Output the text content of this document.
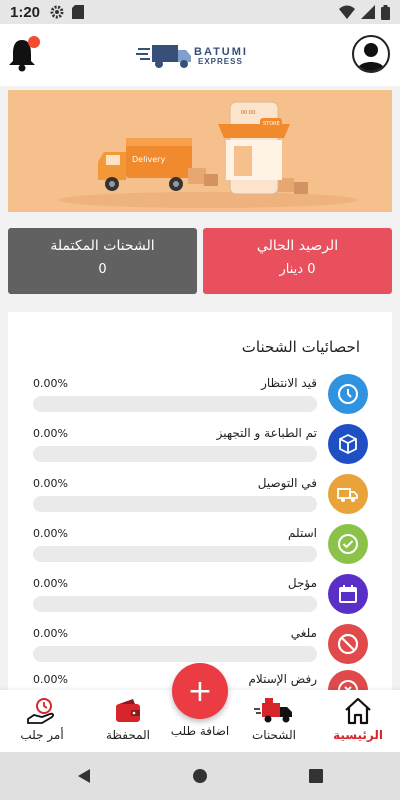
1:20
BATUMI
EXPRESS
Delivery
00:00
STORE
الشحنات المكتملة
0
الرصيد الحالي
0 دينار
احصائيات الشحنات
قيد الانتظار
0.00%
تم الطباعة و التجهيز
0.00%
في التوصيل
0.00%
استلم
0.00%
مؤجل
0.00%
ملغي
0.00%
رفض الإستلام
0.00%
الرئيسية
الشحنات
المحفظة
أمر جلب
+
اضافة طلب
